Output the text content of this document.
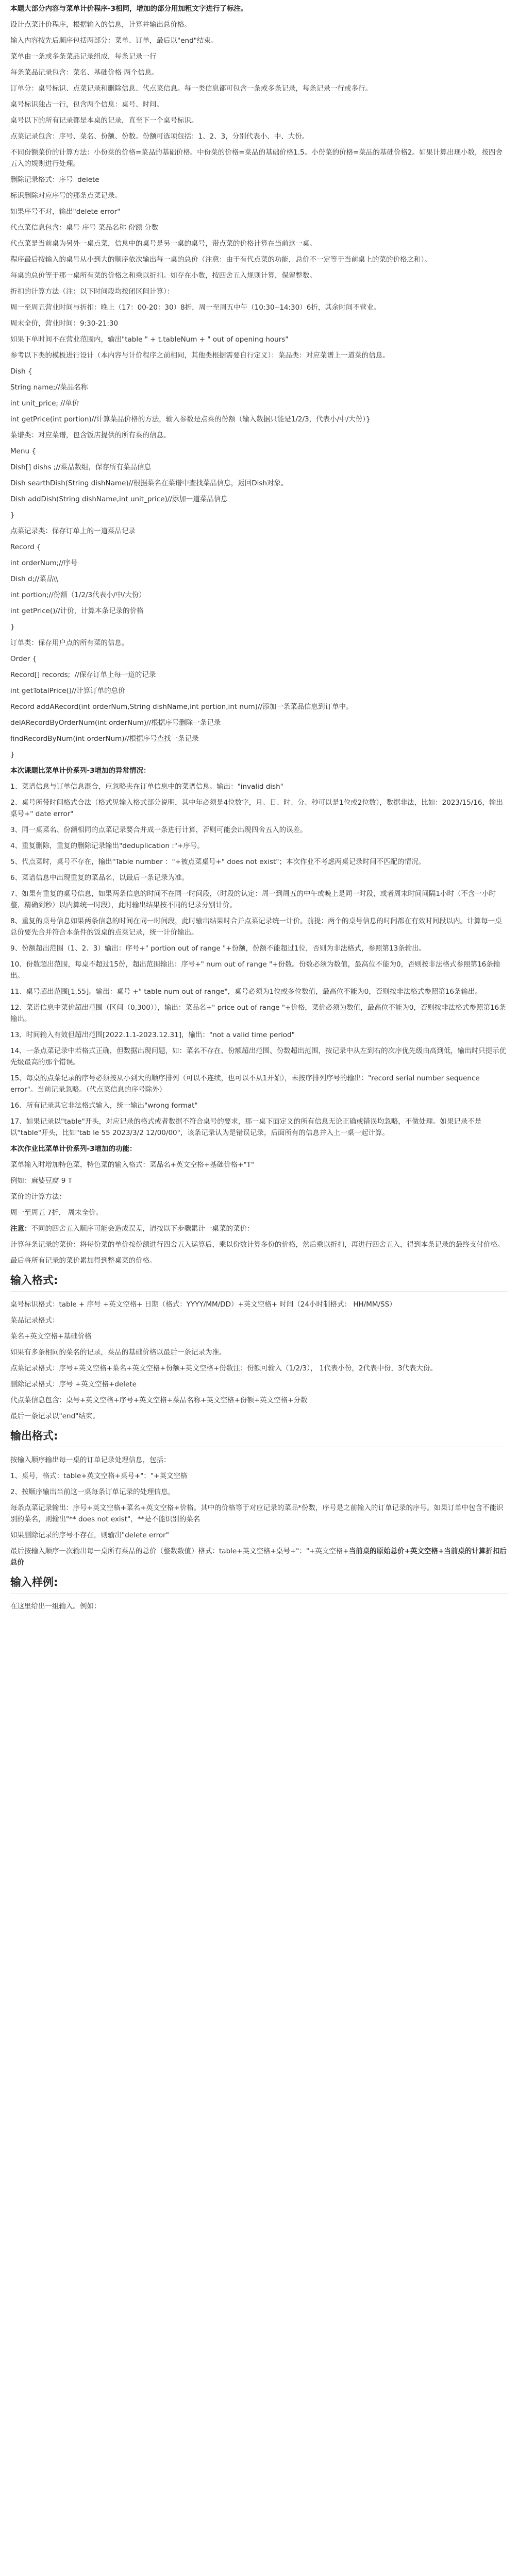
本题大部分内容与菜单计价程序-3相同，增加的部分用加粗文字进行了标注。
设计点菜计价程序，根据输入的信息，计算并输出总价格。
输入内容按先后顺序包括两部分：菜单、订单，最后以"end"结束。
菜单由一条或多条菜品记录组成，每条记录一行
每条菜品记录包含：菜名、基础价格 两个信息。
订单分：桌号标识、点菜记录和删除信息、代点菜信息。每一类信息都可包含一条或多条记录，每条记录一行或多行。
桌号标识独占一行，包含两个信息：桌号、时间。
桌号以下的所有记录都是本桌的记录，直至下一个桌号标识。
点菜记录包含：序号、菜名、份额、份数。份额可选项包括：1、2、3，分别代表小、中、大份。
不同份额菜价的计算方法：小份菜的价格=菜品的基础价格。中份菜的价格=菜品的基础价格1.5。小份菜的价格=菜品的基础价格2。如果计算出现小数，按四舍五入的规则进行处理。
删除记录格式：序号  delete
标识删除对应序号的那条点菜记录。
如果序号不对，输出"delete error"
代点菜信息包含：桌号 序号 菜品名称 份额 分数
代点菜是当前桌为另外一桌点菜，信息中的桌号是另一桌的桌号，带点菜的价格计算在当前这一桌。
程序最后按输入的桌号从小到大的顺序依次输出每一桌的总价（注意：由于有代点菜的功能，总价不一定等于当前桌上的菜的价格之和）。
每桌的总价等于那一桌所有菜的价格之和乘以折扣。如存在小数，按四舍五入规则计算，保留整数。
折扣的计算方法（注：以下时间段均按闭区间计算）：
周一至周五营业时间与折扣：晚上（17：00-20：30）8折，周一至周五中午（10:30--14:30）6折，其余时间不营业。
周末全价，营业时间：9:30-21:30
如果下单时间不在营业范围内，输出"table " + t.tableNum + " out of opening hours"
参考以下类的模板进行设计（本内容与计价程序之前相同，其他类根据需要自行定义）：菜品类：对应菜谱上一道菜的信息。
Dish {
String name;//菜品名称
int unit_price; //单价
int getPrice(int portion)//计算菜品价格的方法，输入参数是点菜的份额（输入数据只能是1/2/3，代表小/中/大份）}
菜谱类：对应菜谱，包含饭店提供的所有菜的信息。
Menu {
Dish[] dishs ;//菜品数组，保存所有菜品信息
Dish searthDish(String dishName)//根据菜名在菜谱中查找菜品信息，返回Dish对象。
Dish addDish(String dishName,int unit_price)//添加一道菜品信息
}
点菜记录类：保存订单上的一道菜品记录
Record {
int orderNum;//序号
Dish d;//菜品\\
int portion;//份额（1/2/3代表小/中/大份）
int getPrice()//计价，计算本条记录的价格
}
订单类：保存用户点的所有菜的信息。
Order {
Record[] records;  //保存订单上每一道的记录
int getTotalPrice()//计算订单的总价
Record addARecord(int orderNum,String dishName,int portion,int num)//添加一条菜品信息到订单中。
delARecordByOrderNum(int orderNum)//根据序号删除一条记录
findRecordByNum(int orderNum)//根据序号查找一条记录
}
本次课题比菜单计价系列-3增加的异常情况：
1、菜谱信息与订单信息混合，应忽略夹在订单信息中的菜谱信息。输出："invalid dish"
2、桌号所带时间格式合法（格式见输入格式部分说明，其中年必须是4位数字，月、日、时、分、秒可以是1位或2位数），数据非法，比如：2023/15/16，输出桌号+" date error"
3、同一桌菜名、份额相同的点菜记录要合并成一条进行计算，否则可能会出现四舍五入的误差。
4、重复删除，重复的删除记录输出"deduplication :"+序号。
5、代点菜时，桌号不存在，输出"Table number ："+被点菜桌号+" does not exist"；本次作业不考虑两桌记录时间不匹配的情况。
6、菜谱信息中出现重复的菜品名，以最后一条记录为准。
7、如果有重复的桌号信息，如果两条信息的时间不在同一时间段，（时段的认定：周一到周五的中午或晚上是同一时段，或者周末时间间隔1小时（不含一小时整，精确到秒）以内算统一时段），此时输出结果按不同的记录分别计价。
8、重复的桌号信息如果两条信息的时间在同一时间段，此时输出结果时合并点菜记录统一计价。前提：两个的桌号信息的时间都在有效时间段以内。计算每一桌总价要先合并符合本条件的饭桌的点菜记录，统一计价输出。
9、份额超出范围（1、2、3）输出：序号+" portion out of range "+份额，份额不能超过1位，否则为非法格式，参照第13条输出。
10、份数超出范围，每桌不超过15份，超出范围输出：序号+" num out of range "+份数。份数必须为数值，最高位不能为0，否则按非法格式参照第16条输出。
11、桌号超出范围[1,55]。输出：桌号 +" table num out of range"，桌号必须为1位或多位数值，最高位不能为0，否则按非法格式参照第16条输出。
12、菜谱信息中菜价超出范围（区间（0,300）），输出：菜品名+" price out of range "+价格，菜价必须为数值，最高位不能为0，否则按非法格式参照第16条输出。
13、时间输入有效但超出范围[2022.1.1-2023.12.31]，输出："not a valid time period"
14、一条点菜记录中若格式正确，但数据出现问题，如：菜名不存在、份额超出范围、份数超出范围，按记录中从左到右的次序优先级由高到低，输出时只提示优先级最高的那个错误。
15、每桌的点菜记录的序号必须按从小到大的顺序排列（可以不连续，也可以不从1开始），未按序排列序号的输出："record serial number sequence error"。当前记录忽略。（代点菜信息的序号除外）
16、所有记录其它非法格式输入，统一输出"wrong format"
17、如果记录以"table"开头，对应记录的格式或者数据不符合桌号的要求，那一桌下面定义的所有信息无论正确或错误均忽略，不做处理。如果记录不是以"table"开头，比如"tab le 55 2023/3/2 12/00/00"，该条记录认为是错误记录，后面所有的信息并入上一桌一起计算。
本次作业比菜单计价系列-3增加的功能：
菜单输入时增加特色菜，特色菜的输入格式：菜品名+英文空格+基础价格+"T"
例如：麻婆豆腐 9 T
菜价的计算方法：
周一至周五 7折， 周末全价。
注意：不同的四舍五入顺序可能会造成误差，请按以下步骤累计一桌菜的菜价：
计算每条记录的菜价：将每份菜的单价按份额进行四舍五入运算后，乘以份数计算多份的价格，然后乘以折扣，再进行四舍五入，得到本条记录的最终支付价格。
最后将所有记录的菜价累加得到整桌菜的价格。
输入格式:
桌号标识格式：table + 序号 +英文空格+ 日期（格式：YYYY/MM/DD）+英文空格+ 时间（24小时制格式： HH/MM/SS）
菜品记录格式：
菜名+英文空格+基础价格
如果有多条相同的菜名的记录，菜品的基础价格以最后一条记录为准。
点菜记录格式：序号+英文空格+菜名+英文空格+份额+英文空格+份数注：份额可输入（1/2/3）， 1代表小份，2代表中份，3代表大份。
删除记录格式：序号 +英文空格+delete
代点菜信息包含：桌号+英文空格+序号+英文空格+菜品名称+英文空格+份额+英文空格+分数
最后一条记录以"end"结束。
输出格式:
按输入顺序输出每一桌的订单记录处理信息，包括：
1、桌号，格式：table+英文空格+桌号+"："+英文空格
2、按顺序输出当前这一桌每条订单记录的处理信息，
每条点菜记录输出：序号+英文空格+菜名+英文空格+价格。其中的价格等于对应记录的菜品*份数，序号是之前输入的订单记录的序号。如果订单中包含不能识别的菜名，则输出"** does not exist"，**是不能识别的菜名
如果删除记录的序号不存在，则输出"delete error"
最后按输入顺序一次输出每一桌所有菜品的总价（整数数值）格式：table+英文空格+桌号+"："+英文空格+当前桌的原始总价+英文空格+当前桌的计算折扣后总价
输入样例:
在这里给出一组输入。例如：
